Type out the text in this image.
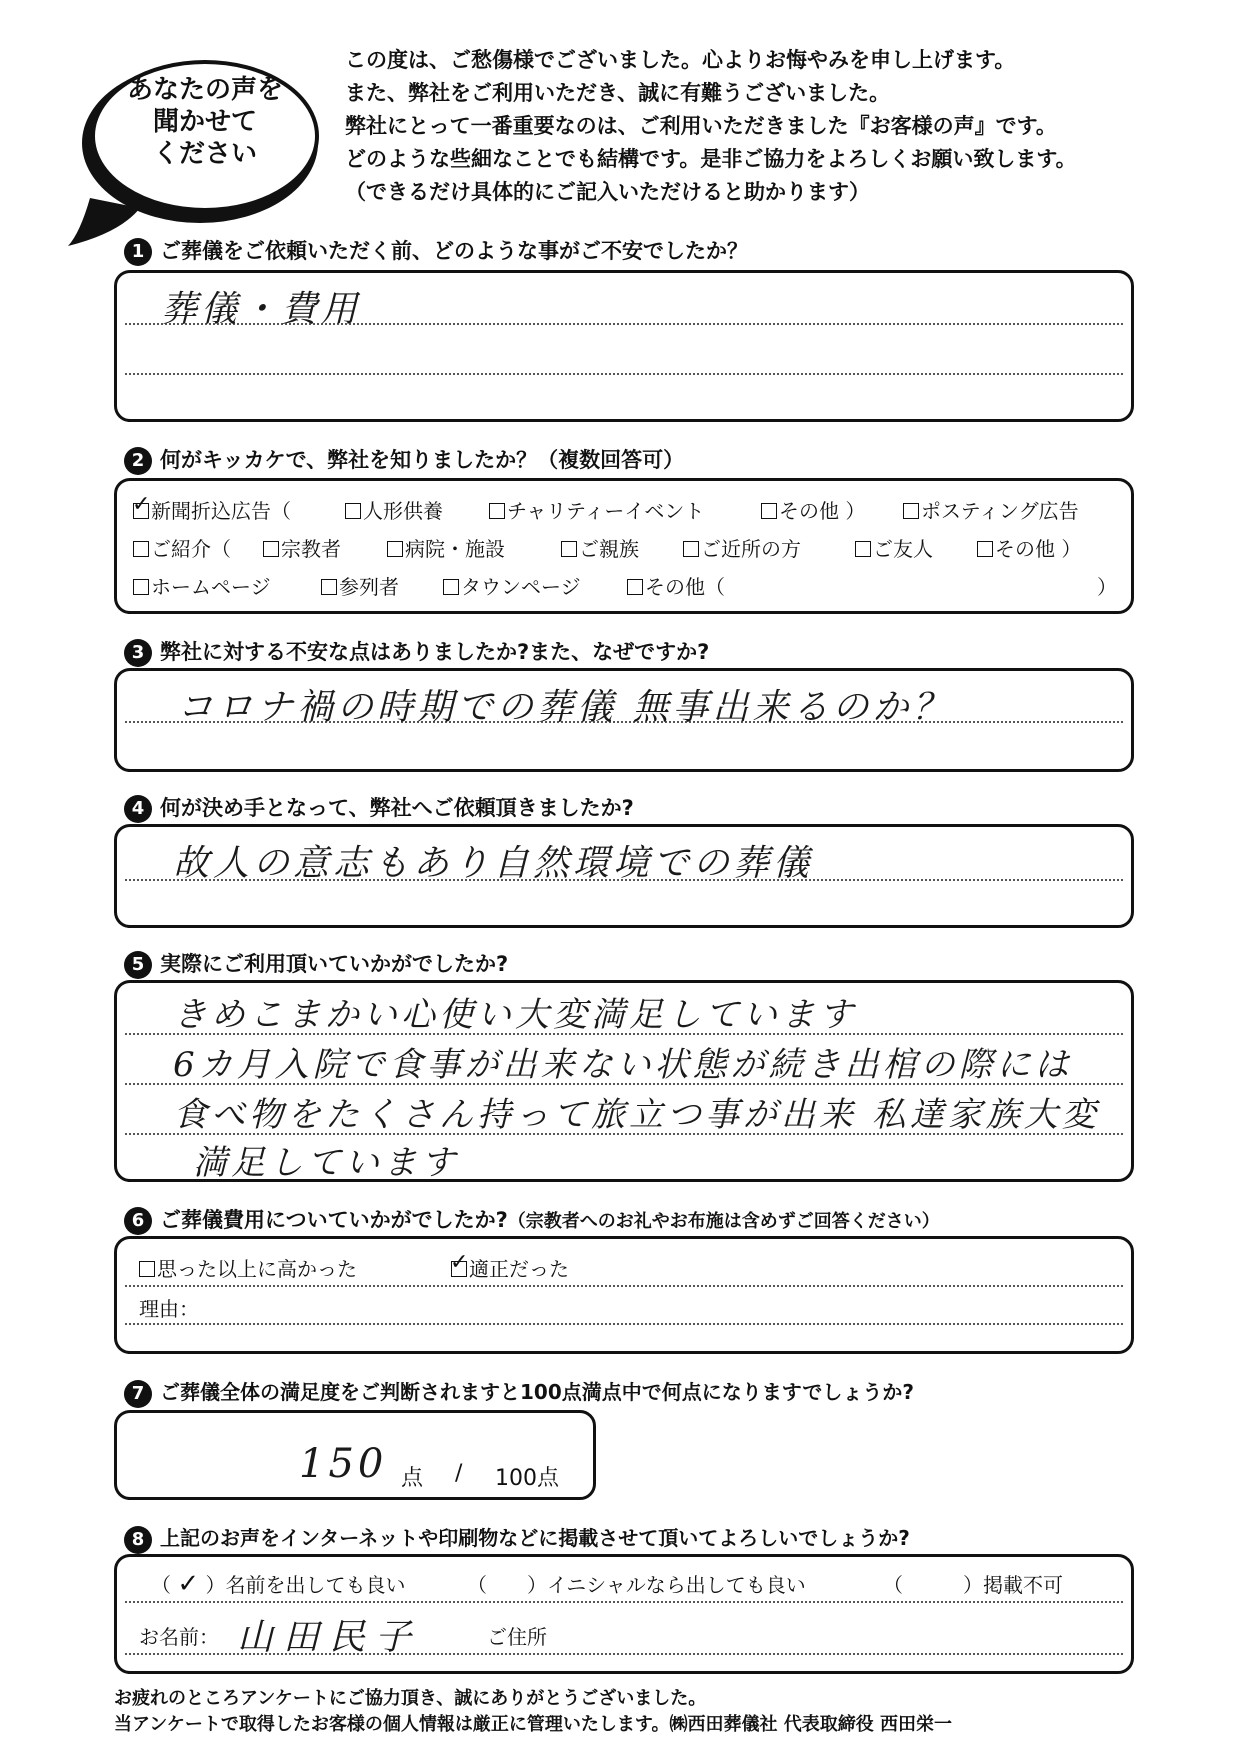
あなたの声を
聞かせて
ください
この度は、ご愁傷様でございました。心よりお悔やみを申し上げます。
また、弊社をご利用いただき、誠に有難うございました。
弊社にとって一番重要なのは、ご利用いただきました『お客様の声』です。
どのような些細なことでも結構です。是非ご協力をよろしくお願い致します。
（できるだけ具体的にご記入いただけると助かります）
1 ご葬儀をご依頼いただく前、どのような事がご不安でしたか？
葬儀・費用
2 何がキッカケで、弊社を知りましたか？（複数回答可）
✓新聞折込広告（	人形供養	チャリティーイベント	その他 ）	ポスティング広告
ご紹介（	宗教者	病院・施設	ご親族	ご近所の方	ご友人	その他 ）
ホームページ	参列者	タウンページ	その他（	）
3 弊社に対する不安な点はありましたか?また、なぜですか?
コロナ禍の時期での葬儀 無事出来るのか？
4 何が決め手となって、弊社へご依頼頂きましたか?
故人の意志もあり自然環境での葬儀
5 実際にご利用頂いていかがでしたか?
きめこまかい心使い大変満足しています
6カ月入院で食事が出来ない状態が続き出棺の際には
食べ物をたくさん持って旅立つ事が出来 私達家族大変
満足しています
6 ご葬儀費用についていかがでしたか?（宗教者へのお礼やお布施は含めずご回答ください）
思った以上に高かった
✓	適正だった
理由：
7 ご葬儀全体の満足度をご判断されますと100点満点中で何点になりますでしょうか?
150 点 / 100点
8 上記のお声をインターネットや印刷物などに掲載させて頂いてよろしいでしょうか?
（ ✓ ）名前を出しても良い	（　　）イニシャルなら出しても良い	（　　　）掲載不可
お名前： 山田民子	ご住所
お疲れのところアンケートにご協力頂き、誠にありがとうございました。
当アンケートで取得したお客様の個人情報は厳正に管理いたします。㈱西田葬儀社 代表取締役 西田栄一
